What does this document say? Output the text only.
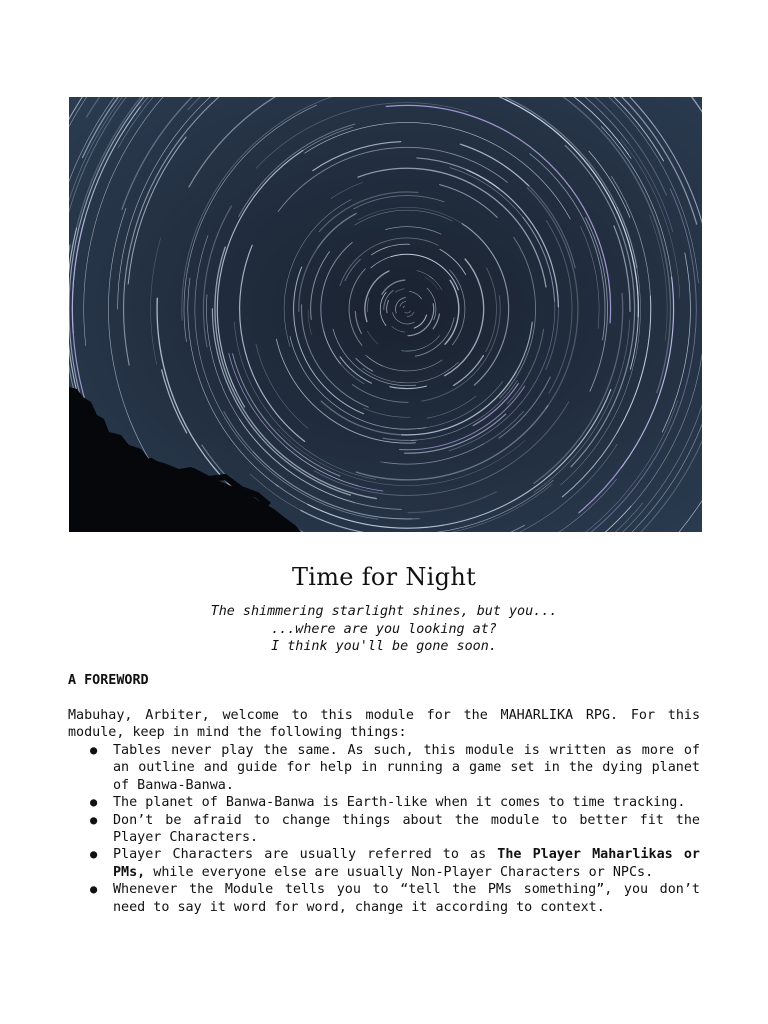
Time for Night
The shimmering starlight shines, but you...
...where are you looking at?
I think you'll be gone soon.
A FOREWORD
Mabuhay, Arbiter, welcome to this module for the MAHARLIKA RPG. For this module, keep in mind the following things:
● Tables never play the same. As such, this module is written as more of an outline and guide for help in running a game set in the dying planet of Banwa-Banwa.
● The planet of Banwa-Banwa is Earth-like when it comes to time tracking.
● Don’t be afraid to change things about the module to better fit the Player Characters.
● Player Characters are usually referred to as The Player Maharlikas or PMs, while everyone else are usually Non-Player Characters or NPCs.
● Whenever the Module tells you to “tell the PMs something”, you don’t need to say it word for word, change it according to context.
